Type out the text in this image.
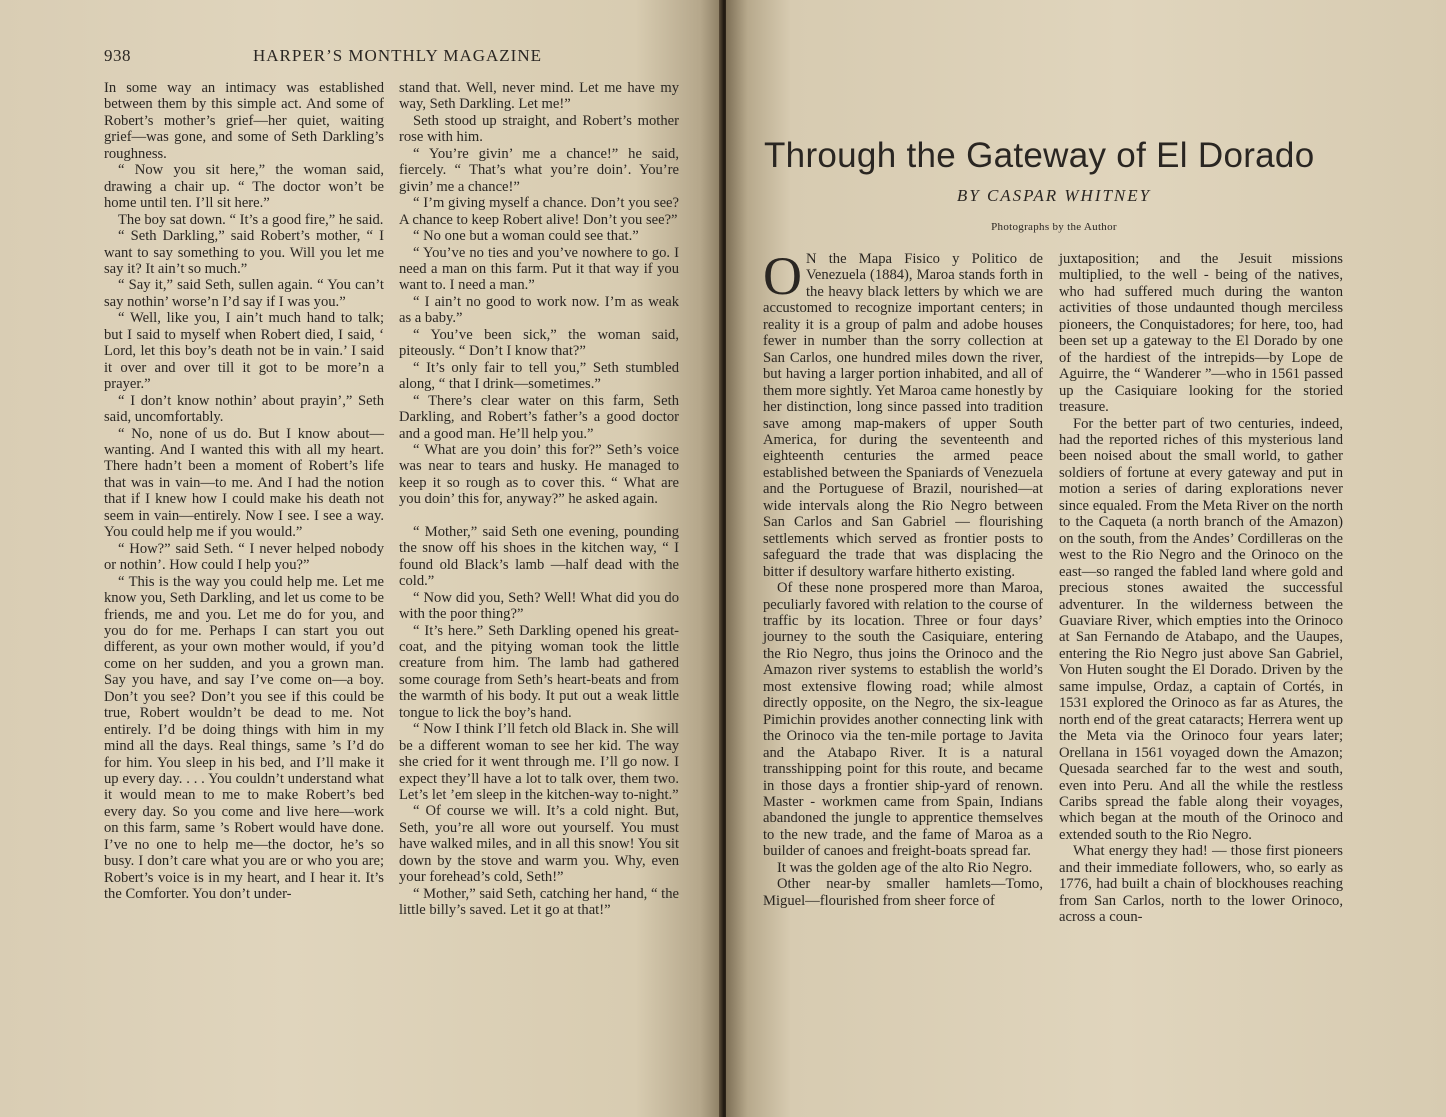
938	HARPER’S MONTHLY MAGAZINE

In some way an intimacy was established between them by this simple act. And some of Robert’s mother’s grief—her quiet, waiting grief—was gone, and some of Seth Darkling’s roughness.

“ Now you sit here,” the woman said, drawing a chair up. “ The doctor won’t be home until ten. I’ll sit here.”

The boy sat down. “ It’s a good fire,” he said.

“ Seth Darkling,” said Robert’s mother, “ I want to say something to you. Will you let me say it? It ain’t so much.”

“ Say it,” said Seth, sullen again. “ You can’t say nothin’ worse’n I’d say if I was you.”

“ Well, like you, I ain’t much hand to talk; but I said to myself when Robert died, I said, ‘ Lord, let this boy’s death not be in vain.’ I said it over and over till it got to be more’n a prayer.”

“ I don’t know nothin’ about prayin’,” Seth said, uncomfortably.

“ No, none of us do. But I know about—wanting. And I wanted this with all my heart. There hadn’t been a moment of Robert’s life that was in vain—to me. And I had the notion that if I knew how I could make his death not seem in vain—entirely. Now I see. I see a way. You could help me if you would.”

“ How?” said Seth. “ I never helped nobody or nothin’. How could I help you?”

“ This is the way you could help me. Let me know you, Seth Darkling, and let us come to be friends, me and you. Let me do for you, and you do for me. Perhaps I can start you out different, as your own mother would, if you’d come on her sudden, and you a grown man. Say you have, and say I’ve come on—a boy. Don’t you see? Don’t you see if this could be true, Robert wouldn’t be dead to me. Not entirely. I’d be doing things with him in my mind all the days. Real things, same ’s I’d do for him. You sleep in his bed, and I’ll make it up every day. . . . You couldn’t understand what it would mean to me to make Robert’s bed every day. So you come and live here—work on this farm, same ’s Robert would have done. I’ve no one to help me—the doctor, he’s so busy. I don’t care what you are or who you are; Robert’s voice is in my heart, and I hear it. It’s the Comforter. You don’t under-

stand that. Well, never mind. Let me have my way, Seth Darkling. Let me!”

Seth stood up straight, and Robert’s mother rose with him.

“ You’re givin’ me a chance!” he said, fiercely. “ That’s what you’re doin’. You’re givin’ me a chance!”

“ I’m giving myself a chance. Don’t you see? A chance to keep Robert alive! Don’t you see?”

“ No one but a woman could see that.”

“ You’ve no ties and you’ve nowhere to go. I need a man on this farm. Put it that way if you want to. I need a man.”

“ I ain’t no good to work now. I’m as weak as a baby.”

“ You’ve been sick,” the woman said, piteously. “ Don’t I know that?”

“ It’s only fair to tell you,” Seth stumbled along, “ that I drink—sometimes.”

“ There’s clear water on this farm, Seth Darkling, and Robert’s father’s a good doctor and a good man. He’ll help you.”

“ What are you doin’ this for?” Seth’s voice was near to tears and husky. He managed to keep it so rough as to cover this. “ What are you doin’ this for, anyway?” he asked again.

“ Mother,” said Seth one evening, pounding the snow off his shoes in the kitchen way, “ I found old Black’s lamb —half dead with the cold.”

“ Now did you, Seth? Well! What did you do with the poor thing?”

“ It’s here.” Seth Darkling opened his great-coat, and the pitying woman took the little creature from him. The lamb had gathered some courage from Seth’s heart-beats and from the warmth of his body. It put out a weak little tongue to lick the boy’s hand.

“ Now I think I’ll fetch old Black in. She will be a different woman to see her kid. The way she cried for it went through me. I’ll go now. I expect they’ll have a lot to talk over, them two. Let’s let ’em sleep in the kitchen-way to-night.”

“ Of course we will. It’s a cold night. But, Seth, you’re all wore out yourself. You must have walked miles, and in all this snow! You sit down by the stove and warm you. Why, even your forehead’s cold, Seth!”

“ Mother,” said Seth, catching her hand, “ the little billy’s saved. Let it go at that!”

Through the Gateway of El Dorado
BY CASPAR WHITNEY
Photographs by the Author

O N the Mapa Fisico y Politico de Venezuela (1884), Maroa stands forth in the heavy black letters by which we are accustomed to recognize important centers; in reality it is a group of palm and adobe houses fewer in number than the sorry collection at San Carlos, one hundred miles down the river, but having a larger portion inhabited, and all of them more sightly. Yet Maroa came honestly by her distinction, long since passed into tradition save among map-makers of upper South America, for during the seventeenth and eighteenth centuries the armed peace established between the Spaniards of Venezuela and the Portuguese of Brazil, nourished—at wide intervals along the Rio Negro between San Carlos and San Gabriel — flourishing settlements which served as frontier posts to safeguard the trade that was displacing the bitter if desultory warfare hitherto existing.

Of these none prospered more than Maroa, peculiarly favored with relation to the course of traffic by its location. Three or four days’ journey to the south the Casiquiare, entering the Rio Negro, thus joins the Orinoco and the Amazon river systems to establish the world’s most extensive flowing road; while almost directly opposite, on the Negro, the six-league Pimichin provides another connecting link with the Orinoco via the ten-mile portage to Javita and the Atabapo River. It is a natural transshipping point for this route, and became in those days a frontier ship-yard of renown. Master - workmen came from Spain, Indians abandoned the jungle to apprentice themselves to the new trade, and the fame of Maroa as a builder of canoes and freight-boats spread far.

It was the golden age of the alto Rio Negro.

Other near-by smaller hamlets—Tomo, Miguel—flourished from sheer force of

juxtaposition; and the Jesuit missions multiplied, to the well - being of the natives, who had suffered much during the wanton activities of those undaunted though merciless pioneers, the Conquistadores; for here, too, had been set up a gateway to the El Dorado by one of the hardiest of the intrepids—by Lope de Aguirre, the “ Wanderer ”—who in 1561 passed up the Casiquiare looking for the storied treasure.

For the better part of two centuries, indeed, had the reported riches of this mysterious land been noised about the small world, to gather soldiers of fortune at every gateway and put in motion a series of daring explorations never since equaled. From the Meta River on the north to the Caqueta (a north branch of the Amazon) on the south, from the Andes’ Cordilleras on the west to the Rio Negro and the Orinoco on the east—so ranged the fabled land where gold and precious stones awaited the successful adventurer. In the wilderness between the Guaviare River, which empties into the Orinoco at San Fernando de Atabapo, and the Uaupes, entering the Rio Negro just above San Gabriel, Von Huten sought the El Dorado. Driven by the same impulse, Ordaz, a captain of Cortés, in 1531 explored the Orinoco as far as Atures, the north end of the great cataracts; Herrera went up the Meta via the Orinoco four years later; Orellana in 1561 voyaged down the Amazon; Quesada searched far to the west and south, even into Peru. And all the while the restless Caribs spread the fable along their voyages, which began at the mouth of the Orinoco and extended south to the Rio Negro.

What energy they had! — those first pioneers and their immediate followers, who, so early as 1776, had built a chain of blockhouses reaching from San Carlos, north to the lower Orinoco, across a coun-
